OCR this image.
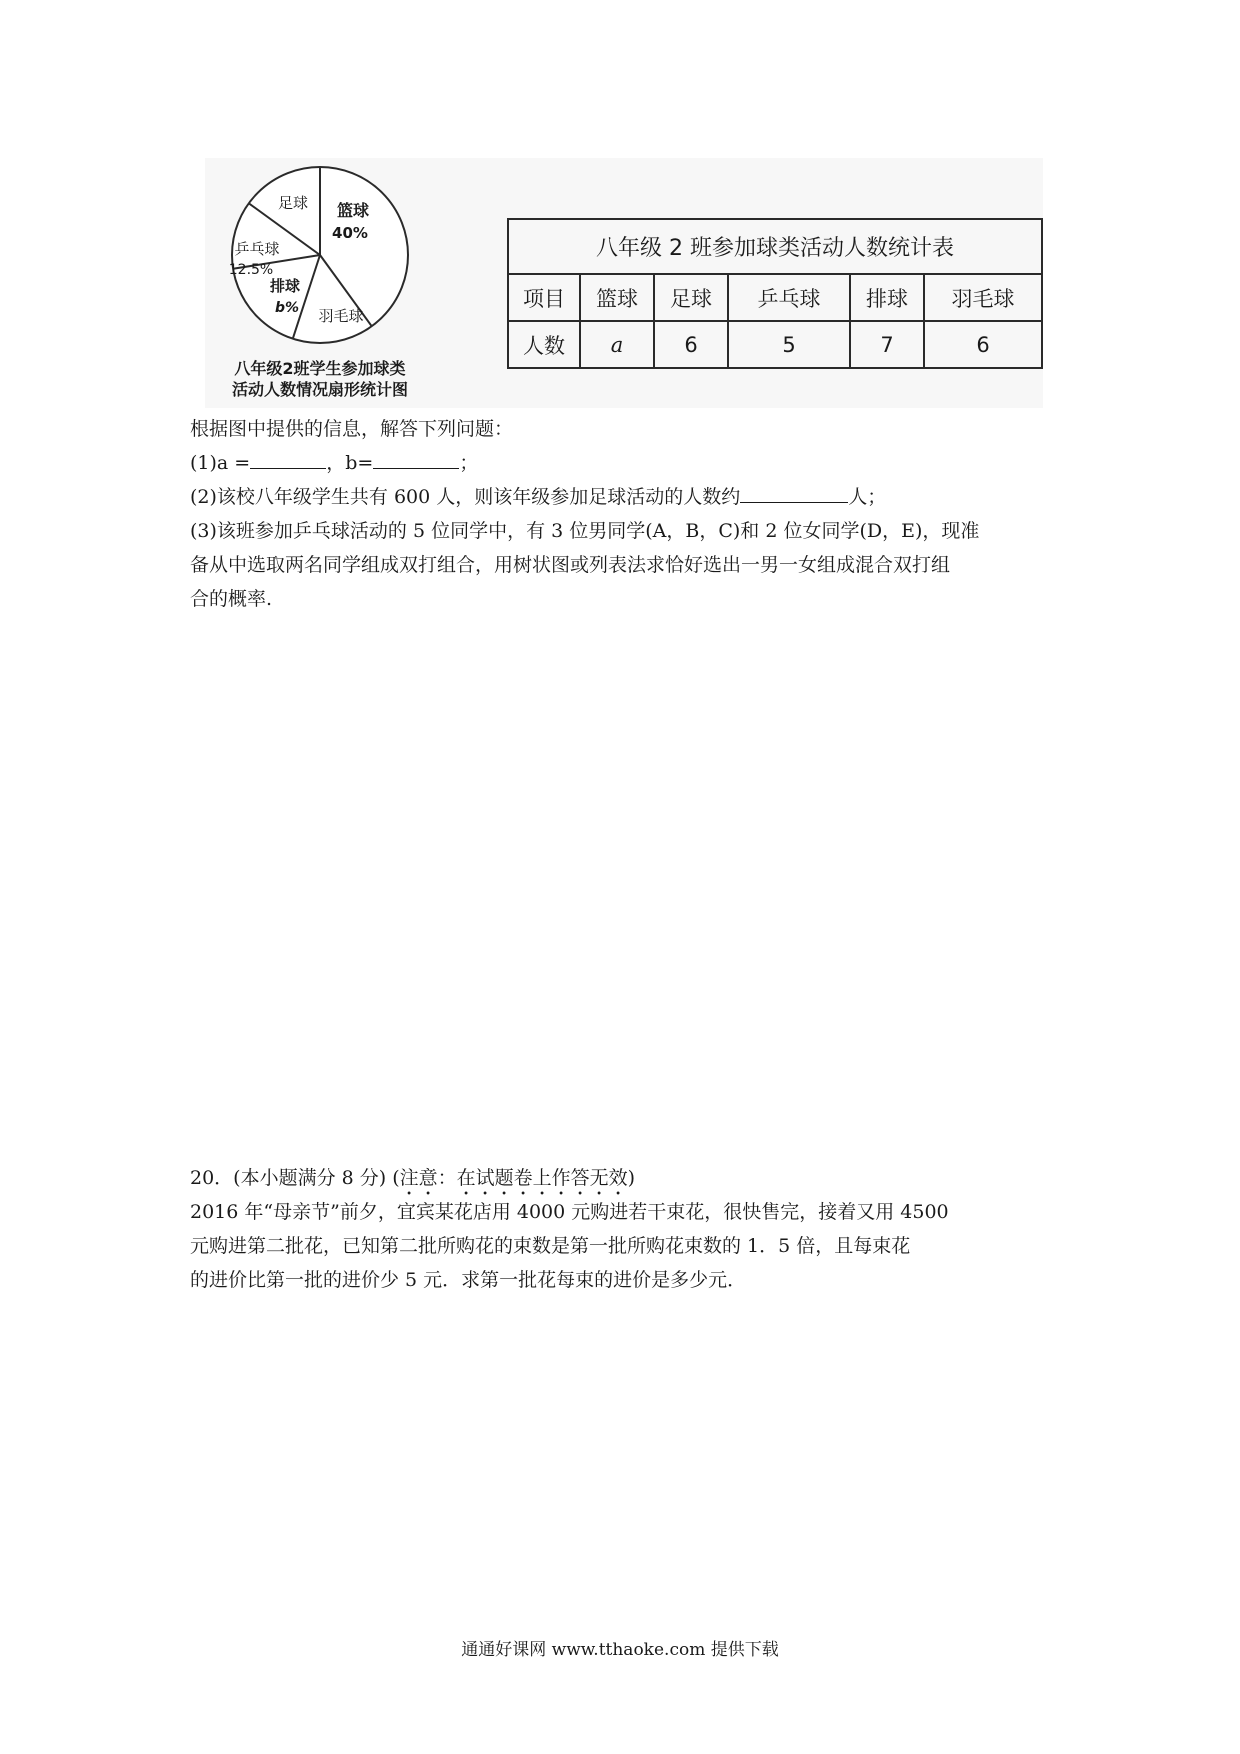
足球 篮球
40%
乒乓球
12.5%
排球
b% 羽毛球
八年级2班学生参加球类
活动人数情况扇形统计图
八年级 2 班参加球类活动人数统计表					
项目	篮球	足球	乒乓球	排球	羽毛球
人数	a	6	5	7	6
根据图中提供的信息，解答下列问题：
(1)a =	，b=	；
(2)该校八年级学生共有 600 人，则该年级参加足球活动的人数约	人；
(3)该班参加乒乓球活动的 5 位同学中，有 3 位男同学(A，B，C)和 2 位女同学(D，E)，现准
备从中选取两名同学组成双打组合，用树状图或列表法求恰好选出一男一女组成混合双打组
合的概率.
20．(本小题满分 8 分) (注意：在试题卷上作答无效)
2016 年“母亲节”前夕，宜宾某花店用 4000 元购进若干束花，很快售完，接着又用 4500
元购进第二批花，已知第二批所购花的束数是第一批所购花束数的 1．5 倍，且每束花
的进价比第一批的进价少 5 元．求第一批花每束的进价是多少元．
通通好课网 www.tthaoke.com 提供下载
